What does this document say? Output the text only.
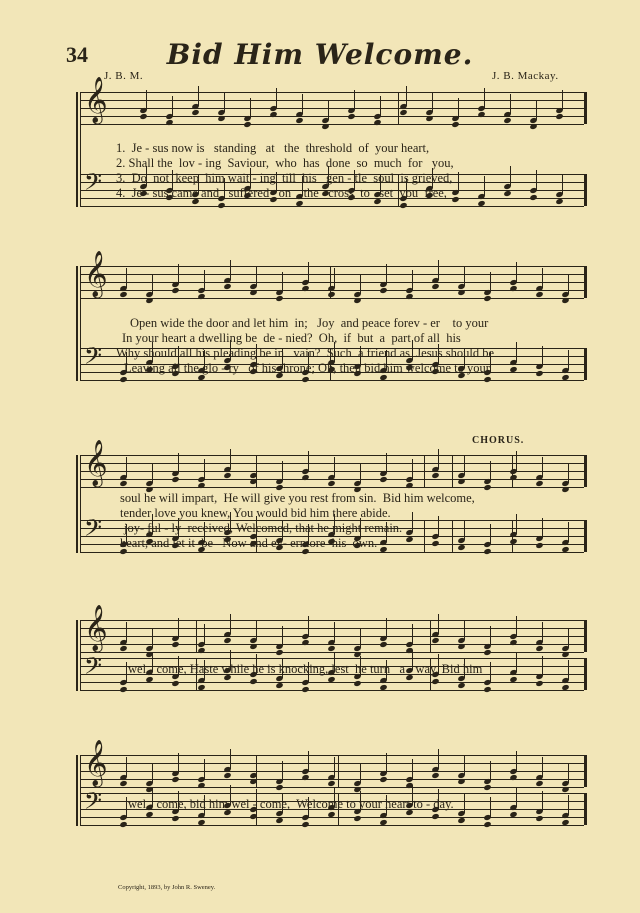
34	Bid Him Welcome.
J. B. M.	J. B. Mackay.
𝄞
𝄢
𝄞
𝄢
𝄞
𝄢
𝄞
𝄢
𝄞
𝄢
1.  Je - sus now is   standing   at   the  threshold  of  your heart,
2. Shall the  lov - ing  Saviour,  who  has  done  so  much  for   you,
3.  Do  not  keep  him wait - ing  till  his   gen - tle  soul  is grieved,
4.  Je - sus came and   suffered   on    the   cross  to   set  you  free,
Open wide the door and let him  in;   Joy  and peace forev - er    to your
In your heart a dwelling be  de - nied?  Oh,  if  but  a  part of all  his
Why should all his pleading be in   vain?  Such  a friend as  Jesus should be
Leaving all the glo - ry   of his throne; Oh, then bid him welcome to your
CHORUS.
soul he will impart,  He will give you rest from sin.  Bid him welcome,
tender love you knew, You would bid him there abide.
joy- ful - ly  received, Welcomed, that he might remain.
heart, and let it  be   Now and ev- ermore  his  own.
wel - come, Haste while he is knocking, lest  he turn   a - way, Bid him
wel - come, bid him wel - come,  Welcome to your heart to - day.
Copyright, 1893, by John R. Sweney.
